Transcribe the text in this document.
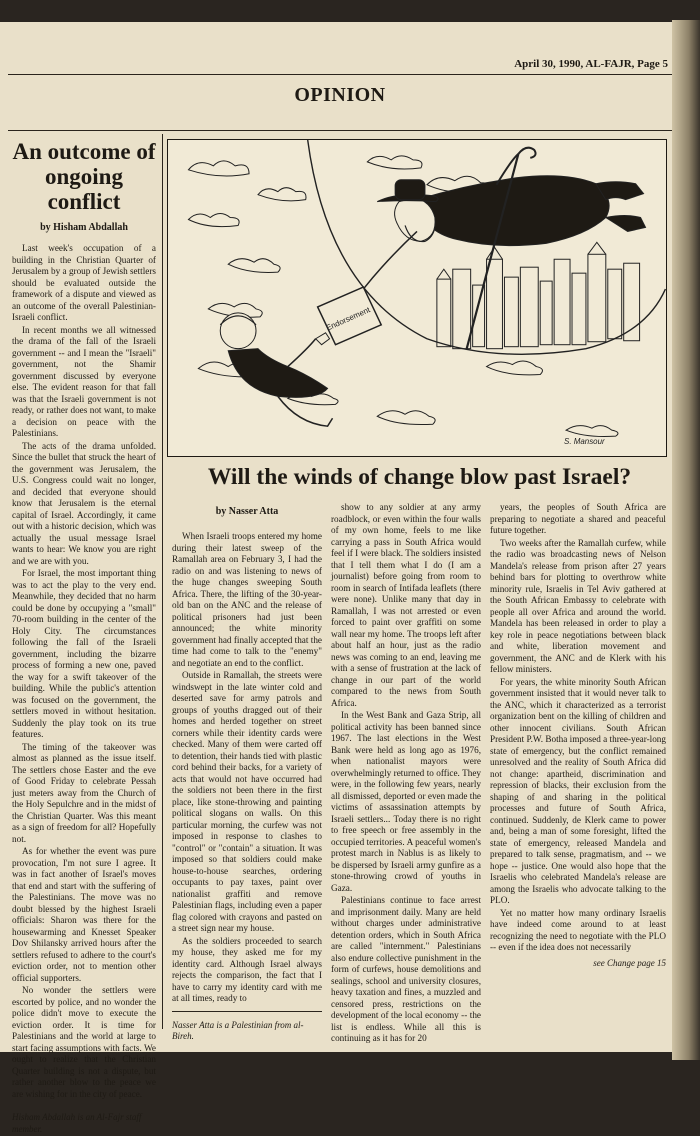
April 30, 1990, AL-FAJR, Page 5
OPINION
An outcome of ongoing conflict
by Hisham Abdallah

Last week's occupation of a building in the Christian Quarter of Jerusalem by a group of Jewish settlers should be evaluated outside the framework of a dispute and viewed as an outcome of the overall Palestinian-Israeli conflict.

In recent months we all witnessed the drama of the fall of the Israeli government -- and I mean the "Israeli" government, not the Shamir government discussed by everyone else. The evident reason for that fall was that the Israeli government is not ready, or rather does not want, to make a decision on peace with the Palestinians.

The acts of the drama unfolded. Since the bullet that struck the heart of the government was Jerusalem, the U.S. Congress could wait no longer, and decided that everyone should know that Jerusalem is the eternal capital of Israel. Accordingly, it came out with a historic decision, which was actually the usual message Israel wants to hear: We know you are right and we are with you.

For Israel, the most important thing was to act the play to the very end. Meanwhile, they decided that no harm could be done by occupying a "small" 70-room building in the center of the Holy City. The circumstances following the fall of the Israeli government, including the bizarre process of forming a new one, paved the way for a swift takeover of the building. While the public's attention was focused on the government, the settlers moved in without hesitation. Suddenly the play took on its true features.

The timing of the takeover was almost as planned as the issue itself. The settlers chose Easter and the eve of Good Friday to celebrate Pessah just meters away from the Church of the Holy Sepulchre and in the midst of the Christian Quarter. Was this meant as a sign of freedom for all? Hopefully not.

As for whether the event was pure provocation, I'm not sure I agree. It was in fact another of Israel's moves that end and start with the suffering of the Palestinians. The move was no doubt blessed by the highest Israeli officials: Sharon was there for the housewarming and Knesset Speaker Dov Shilansky arrived hours after the settlers refused to adhere to the court's eviction order, not to mention other official supporters.

No wonder the settlers were escorted by police, and no wonder the police didn't move to execute the eviction order. It is time for Palestinians and the world at large to start facing assumptions with facts. We ought to realize that the Christian Quarter building is not a dispute, but rather another blow to the peace we are wishing for in the city of peace.

Hisham Abdallah is an Al-Fajr staff member.
Endorsement
S. Mansour
Will the winds of change blow past Israel?
by Nasser Atta

When Israeli troops entered my home during their latest sweep of the Ramallah area on February 3, I had the radio on and was listening to news of the huge changes sweeping South Africa. There, the lifting of the 30-year-old ban on the ANC and the release of political prisoners had just been announced; the white minority government had finally accepted that the time had come to talk to the "enemy" and negotiate an end to the conflict.

Outside in Ramallah, the streets were windswept in the late winter cold and deserted save for army patrols and groups of youths dragged out of their homes and herded together on street corners while their identity cards were checked. Many of them were carted off to detention, their hands tied with plastic cord behind their backs, for a variety of acts that would not have occurred had the soldiers not been there in the first place, like stone-throwing and painting political slogans on walls. On this particular morning, the curfew was not imposed in response to clashes to "control" or "contain" a situation. It was imposed so that soldiers could make house-to-house searches, ordering occupants to pay taxes, paint over nationalist graffiti and remove Palestinian flags, including even a paper flag colored with crayons and pasted on a street sign near my house.

As the soldiers proceeded to search my house, they asked me for my identity card. Although Israel always rejects the comparison, the fact that I have to carry my identity card with me at all times, ready to

Nasser Atta is a Palestinian from al-Bireh.

show to any soldier at any army roadblock, or even within the four walls of my own home, feels to me like carrying a pass in South Africa would feel if I were black. The soldiers insisted that I tell them what I do (I am a journalist) before going from room to room in search of Intifada leaflets (there were none). Unlike many that day in Ramallah, I was not arrested or even forced to paint over graffiti on some wall near my home. The troops left after about half an hour, just as the radio news was coming to an end, leaving me with a sense of frustration at the lack of change in our part of the world compared to the news from South Africa.

In the West Bank and Gaza Strip, all political activity has been banned since 1967. The last elections in the West Bank were held as long ago as 1976, when nationalist mayors were overwhelmingly returned to office. They were, in the following few years, nearly all dismissed, deported or even made the victims of assassination attempts by Israeli settlers... Today there is no right to free speech or free assembly in the occupied territories. A peaceful women's protest march in Nablus is as likely to be dispersed by Israeli army gunfire as a stone-throwing crowd of youths in Gaza.

Palestinians continue to face arrest and imprisonment daily. Many are held without charges under administrative detention orders, which in South Africa are called "internment." Palestinians also endure collective punishment in the form of curfews, house demolitions and sealings, school and university closures, heavy taxation and fines, a muzzled and censored press, restrictions on the development of the local economy -- the list is endless. While all this is continuing as it has for 20

years, the peoples of South Africa are preparing to negotiate a shared and peaceful future together.

Two weeks after the Ramallah curfew, while the radio was broadcasting news of Nelson Mandela's release from prison after 27 years behind bars for plotting to overthrow white minority rule, Israelis in Tel Aviv gathered at the South African Embassy to celebrate with people all over Africa and around the world. Mandela has been released in order to play a key role in peace negotiations between black and white, liberation movement and government, the ANC and de Klerk with his fellow ministers.

For years, the white minority South African government insisted that it would never talk to the ANC, which it characterized as a terrorist organization bent on the killing of children and other innocent civilians. South African President P.W. Botha imposed a three-year-long state of emergency, but the conflict remained unresolved and the reality of South Africa did not change: apartheid, discrimination and repression of blacks, their exclusion from the shaping of and sharing in the political processes and future of South Africa, continued. Suddenly, de Klerk came to power and, being a man of some foresight, lifted the state of emergency, released Mandela and prepared to talk sense, pragmatism, and -- we hope -- justice. One would also hope that the Israelis who celebrated Mandela's release are among the Israelis who advocate talking to the PLO.

Yet no matter how many ordinary Israelis have indeed come around to at least recognizing the need to negotiate with the PLO -- even if the idea does not necessarily

see Change page 15
